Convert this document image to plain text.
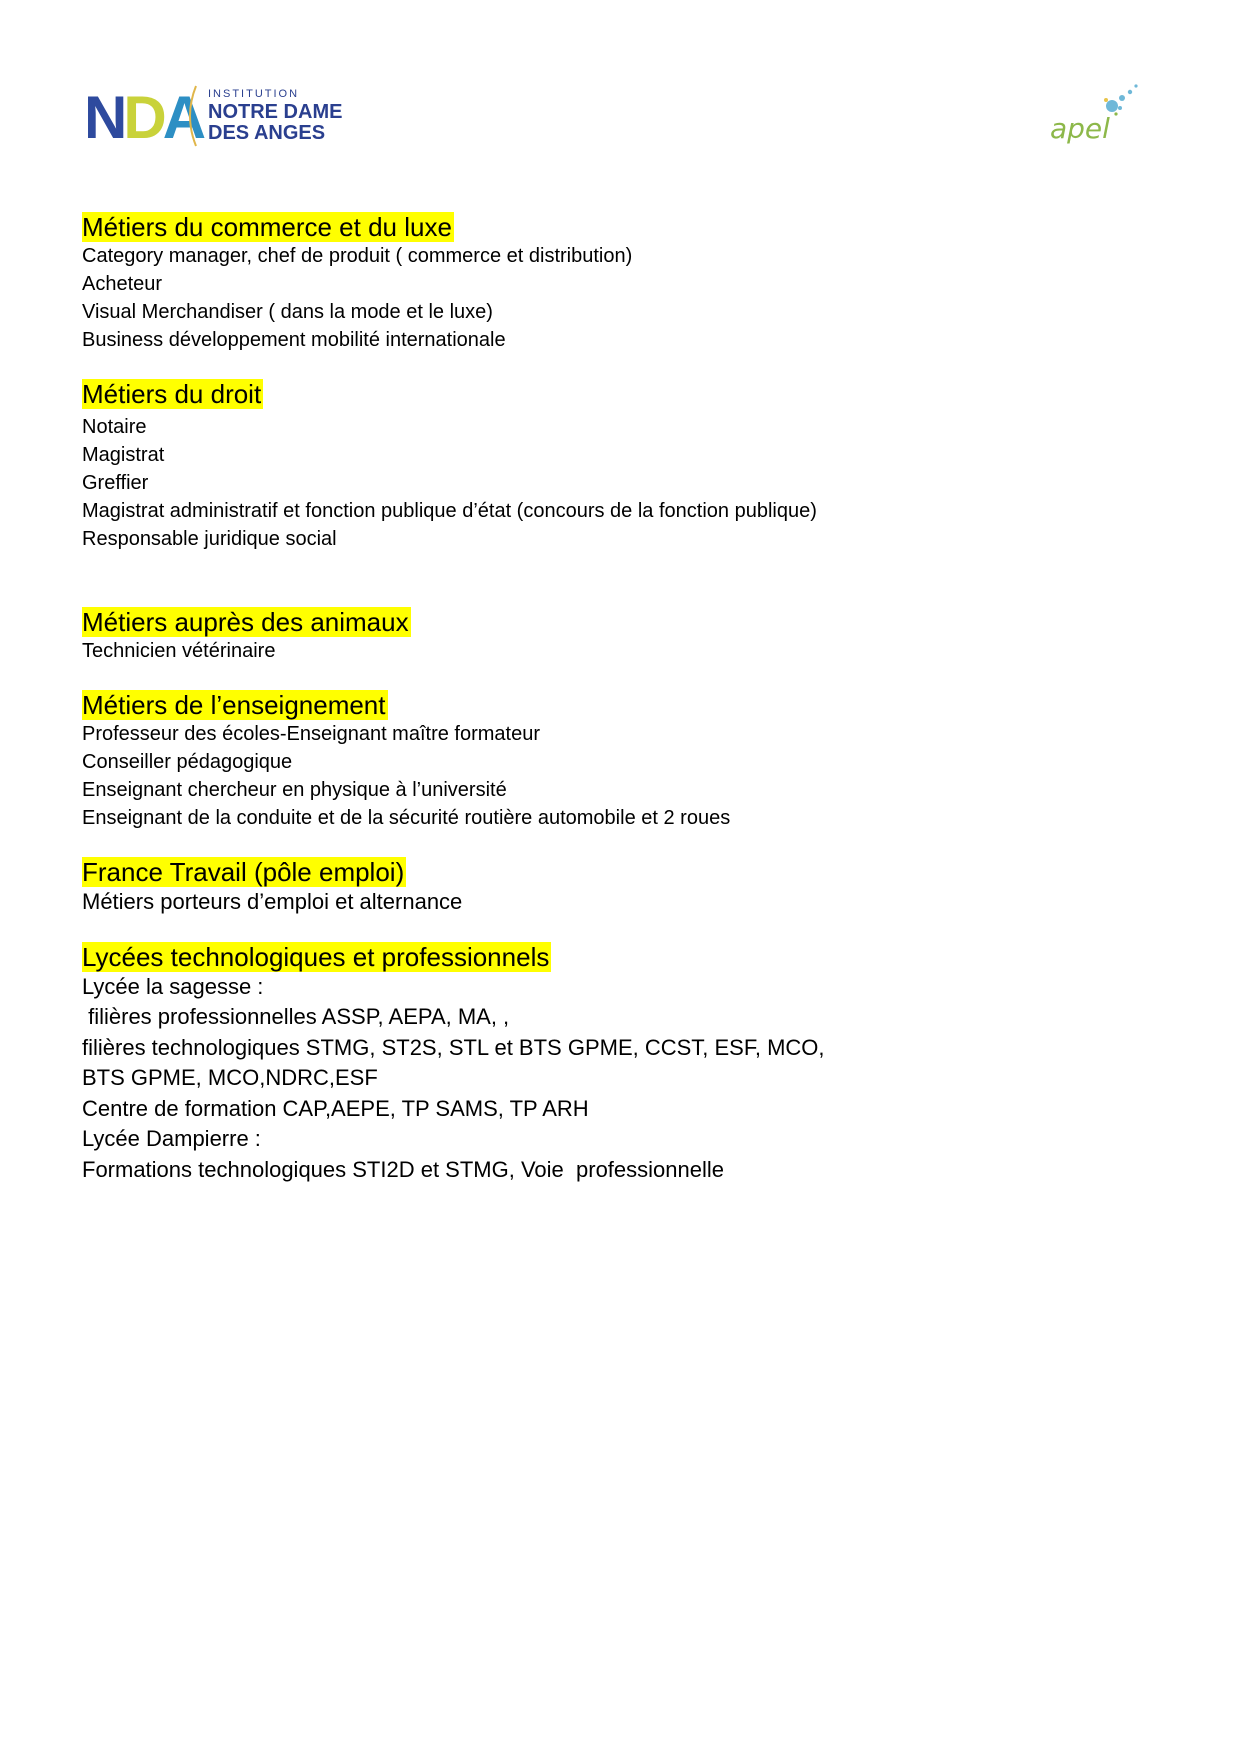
NDA INSTITUTION
NOTRE DAME
DES ANGES	apel
Métiers du commerce et du luxe
Category manager, chef de produit ( commerce et distribution)
Acheteur
Visual Merchandiser ( dans la mode et le luxe)
Business développement mobilité internationale
Métiers du droit
Notaire
Magistrat
Greffier
Magistrat administratif et fonction publique d’état (concours de la fonction publique)
Responsable juridique social
Métiers auprès des animaux
Technicien vétérinaire
Métiers de l’enseignement
Professeur des écoles-Enseignant maître formateur
Conseiller pédagogique
Enseignant chercheur en physique à l’université
Enseignant de la conduite et de la sécurité routière automobile et 2 roues
France Travail (pôle emploi)
Métiers porteurs d’emploi et alternance
Lycées technologiques et professionnels
Lycée la sagesse :
filières professionnelles ASSP, AEPA, MA, ,
filières technologiques STMG, ST2S, STL et BTS GPME, CCST, ESF, MCO,
BTS GPME, MCO,NDRC,ESF
Centre de formation CAP,AEPE, TP SAMS, TP ARH
Lycée Dampierre :
Formations technologiques STI2D et STMG, Voie  professionnelle
